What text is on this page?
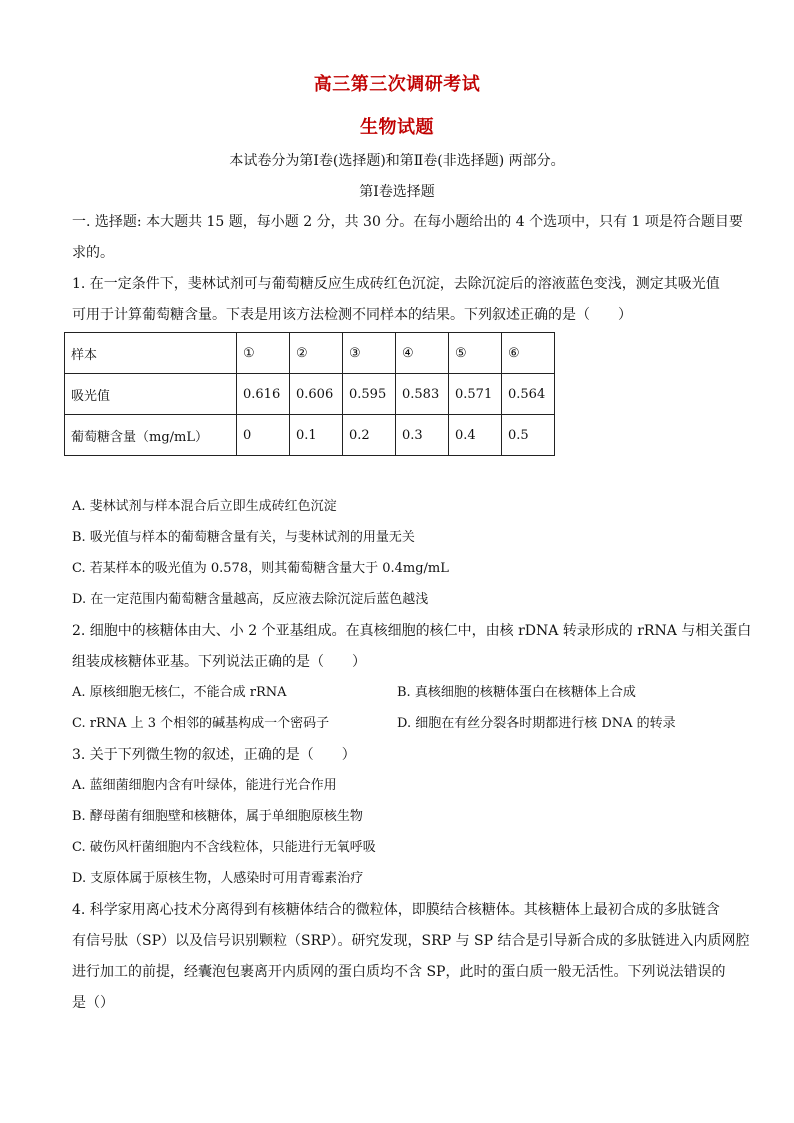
高三第三次调研考试
生物试题
本试卷分为第Ⅰ卷(选择题)和第Ⅱ卷(非选择题) 两部分。
第Ⅰ卷选择题
一. 选择题: 本大题共 15 题，每小题 2 分，共 30 分。在每小题给出的 4 个选项中，只有 1 项是符合题目要
求的。
1. 在一定条件下，斐林试剂可与葡萄糖反应生成砖红色沉淀，去除沉淀后的溶液蓝色变浅，测定其吸光值
可用于计算葡萄糖含量。下表是用该方法检测不同样本的结果。下列叙述正确的是（　　）
样本	①	②	③	④	⑤	⑥
吸光值	0.616	0.606	0.595	0.583	0.571	0.564
葡萄糖含量（mg/mL）	0	0.1	0.2	0.3	0.4	0.5
A. 斐林试剂与样本混合后立即生成砖红色沉淀
B. 吸光值与样本的葡萄糖含量有关，与斐林试剂的用量无关
C. 若某样本的吸光值为 0.578，则其葡萄糖含量大于 0.4mg/mL
D. 在一定范围内葡萄糖含量越高，反应液去除沉淀后蓝色越浅
2. 细胞中的核糖体由大、小 2 个亚基组成。在真核细胞的核仁中，由核 rDNA 转录形成的 rRNA 与相关蛋白
组装成核糖体亚基。下列说法正确的是（　　）
A. 原核细胞无核仁，不能合成 rRNA	B. 真核细胞的核糖体蛋白在核糖体上合成
C. rRNA 上 3 个相邻的碱基构成一个密码子	D. 细胞在有丝分裂各时期都进行核 DNA 的转录
3. 关于下列微生物的叙述，正确的是（　　）
A. 蓝细菌细胞内含有叶绿体，能进行光合作用
B. 酵母菌有细胞壁和核糖体，属于单细胞原核生物
C. 破伤风杆菌细胞内不含线粒体，只能进行无氧呼吸
D. 支原体属于原核生物，人感染时可用青霉素治疗
4. 科学家用离心技术分离得到有核糖体结合的微粒体，即膜结合核糖体。其核糖体上最初合成的多肽链含
有信号肽（SP）以及信号识别颗粒（SRP）。研究发现，SRP 与 SP 结合是引导新合成的多肽链进入内质网腔
进行加工的前提，经囊泡包裹离开内质网的蛋白质均不含 SP，此时的蛋白质一般无活性。下列说法错误的
是（）
